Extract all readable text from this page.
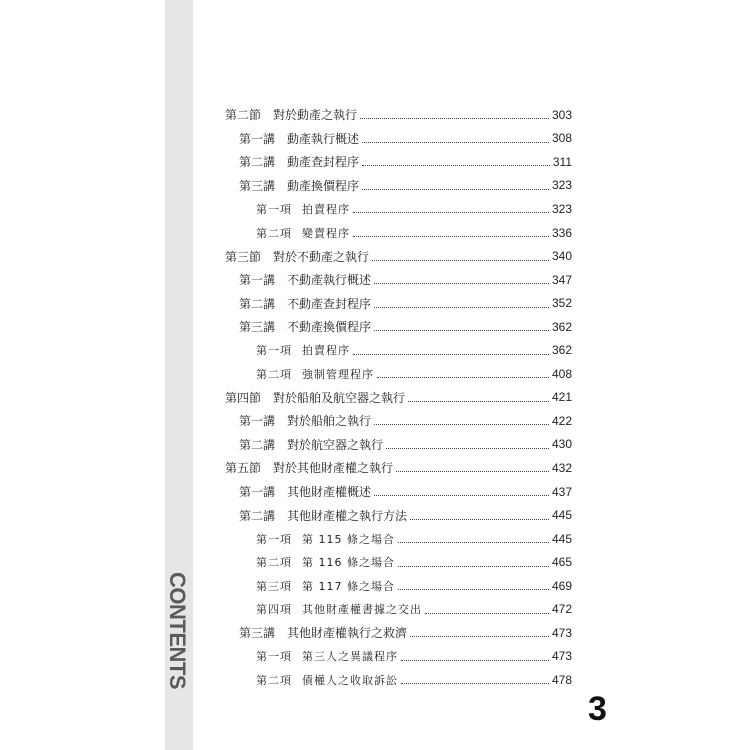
CONTENTS
第二節 對於動產之執行	303
第一講 動產執行概述	308
第二講 動產查封程序	311
第三講 動產換價程序	323
第一項 拍賣程序	323
第二項 變賣程序	336
第三節 對於不動產之執行	340
第一講 不動產執行概述	347
第二講 不動產查封程序	352
第三講 不動產換價程序	362
第一項 拍賣程序	362
第二項 強制管理程序	408
第四節 對於船舶及航空器之執行	421
第一講 對於船舶之執行	422
第二講 對於航空器之執行	430
第五節 對於其他財產權之執行	432
第一講 其他財產權概述	437
第二講 其他財產權之執行方法	445
第一項 第 115 條之場合	445
第二項 第 116 條之場合	465
第三項 第 117 條之場合	469
第四項 其他財產權書據之交出	472
第三講 其他財產權執行之救濟	473
第一項 第三人之異議程序	473
第二項 債權人之收取訴訟	478
3
